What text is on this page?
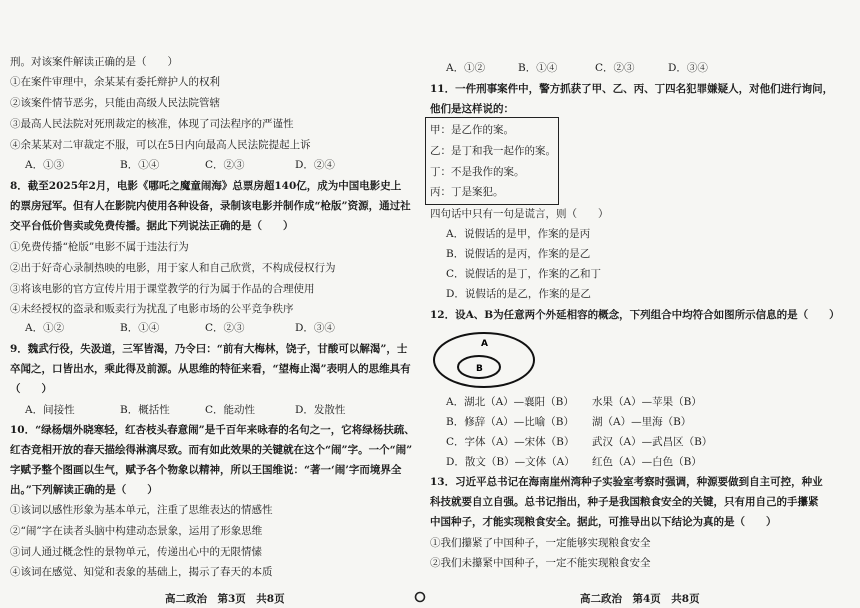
刑。对该案件解读正确的是（　　）
①在案件审理中，余某某有委托辩护人的权利
②该案件情节恶劣，只能由高级人民法院管辖
③最高人民法院对死刑裁定的核准，体现了司法程序的严谨性
④余某某对二审裁定不服，可以在5日内向最高人民法院提起上诉
A．①③	B．①④	C．②③	D．②④
8．截至2025年2月，电影《哪吒之魔童闹海》总票房超140亿，成为中国电影史上
的票房冠军。但有人在影院内使用各种设备，录制该电影并制作成“枪版”资源，通过社
交平台低价售卖或免费传播。据此下列说法正确的是（　　）
①免费传播“枪版”电影不属于违法行为
②出于好奇心录制热映的电影，用于家人和自己欣赏，不构成侵权行为
③将该电影的官方宣传片用于课堂教学的行为属于作品的合理使用
④未经授权的盗录和贩卖行为扰乱了电影市场的公平竞争秩序
A．①②	B．①④	C．②③	D．③④
9．魏武行役，失汲道，三军皆渴，乃令曰：“前有大梅林，饶子，甘酸可以解渴”，士
卒闻之，口皆出水，乘此得及前源。从思维的特征来看，“望梅止渴”表明人的思维具有
（　　）
A．间接性	B．概括性	C．能动性	D．发散性
10．“绿杨烟外晓寒轻，红杏枝头春意闹”是千百年来咏春的名句之一，它将绿杨扶疏、
红杏竞相开放的春天描绘得淋漓尽致。而有如此效果的关键就在这个“闹”字。一个“闹”
字赋予整个图画以生气，赋予各个物象以精神，所以王国维说：“著一‘闹’字而境界全
出。”下列解读正确的是（　　）
①该词以感性形象为基本单元，注重了思维表达的情感性
②“闹”字在读者头脑中构建动态景象，运用了形象思维
③词人通过概念性的景物单元，传递出心中的无限情愫
④该词在感觉、知觉和表象的基础上，揭示了春天的本质
高二政治　第3页　共8页
A．①②	B．①④	C．②③	D．③④
11．一件刑事案件中，警方抓获了甲、乙、丙、丁四名犯罪嫌疑人，对他们进行询问，
他们是这样说的：
甲：是乙作的案。
乙：是丁和我一起作的案。
丁：不是我作的案。
丙：丁是案犯。
四句话中只有一句是谎言，则（　　）
A．说假话的是甲，作案的是丙
B．说假话的是丙，作案的是乙
C．说假话的是丁，作案的乙和丁
D．说假话的是乙，作案的是乙
12．设A、B为任意两个外延相容的概念，下列组合中均符合如图所示信息的是（　　）
A．湖北（A）—襄阳（B） 水果（A）—苹果（B）
B．修辞（A）—比喻（B） 湖（A）—里海（B）
C．字体（A）—宋体（B） 武汉（A）—武昌区（B）
D．散文（B）—文体（A） 红色（A）—白色（B）
13．习近平总书记在海南崖州湾种子实验室考察时强调，种源要做到自主可控，种业
科技就要自立自强。总书记指出，种子是我国粮食安全的关键，只有用自己的手攥紧
中国种子，才能实现粮食安全。据此，可推导出以下结论为真的是（　　）
①我们攥紧了中国种子，一定能够实现粮食安全
②我们未攥紧中国种子，一定不能实现粮食安全
高二政治　第4页　共8页
A
B
